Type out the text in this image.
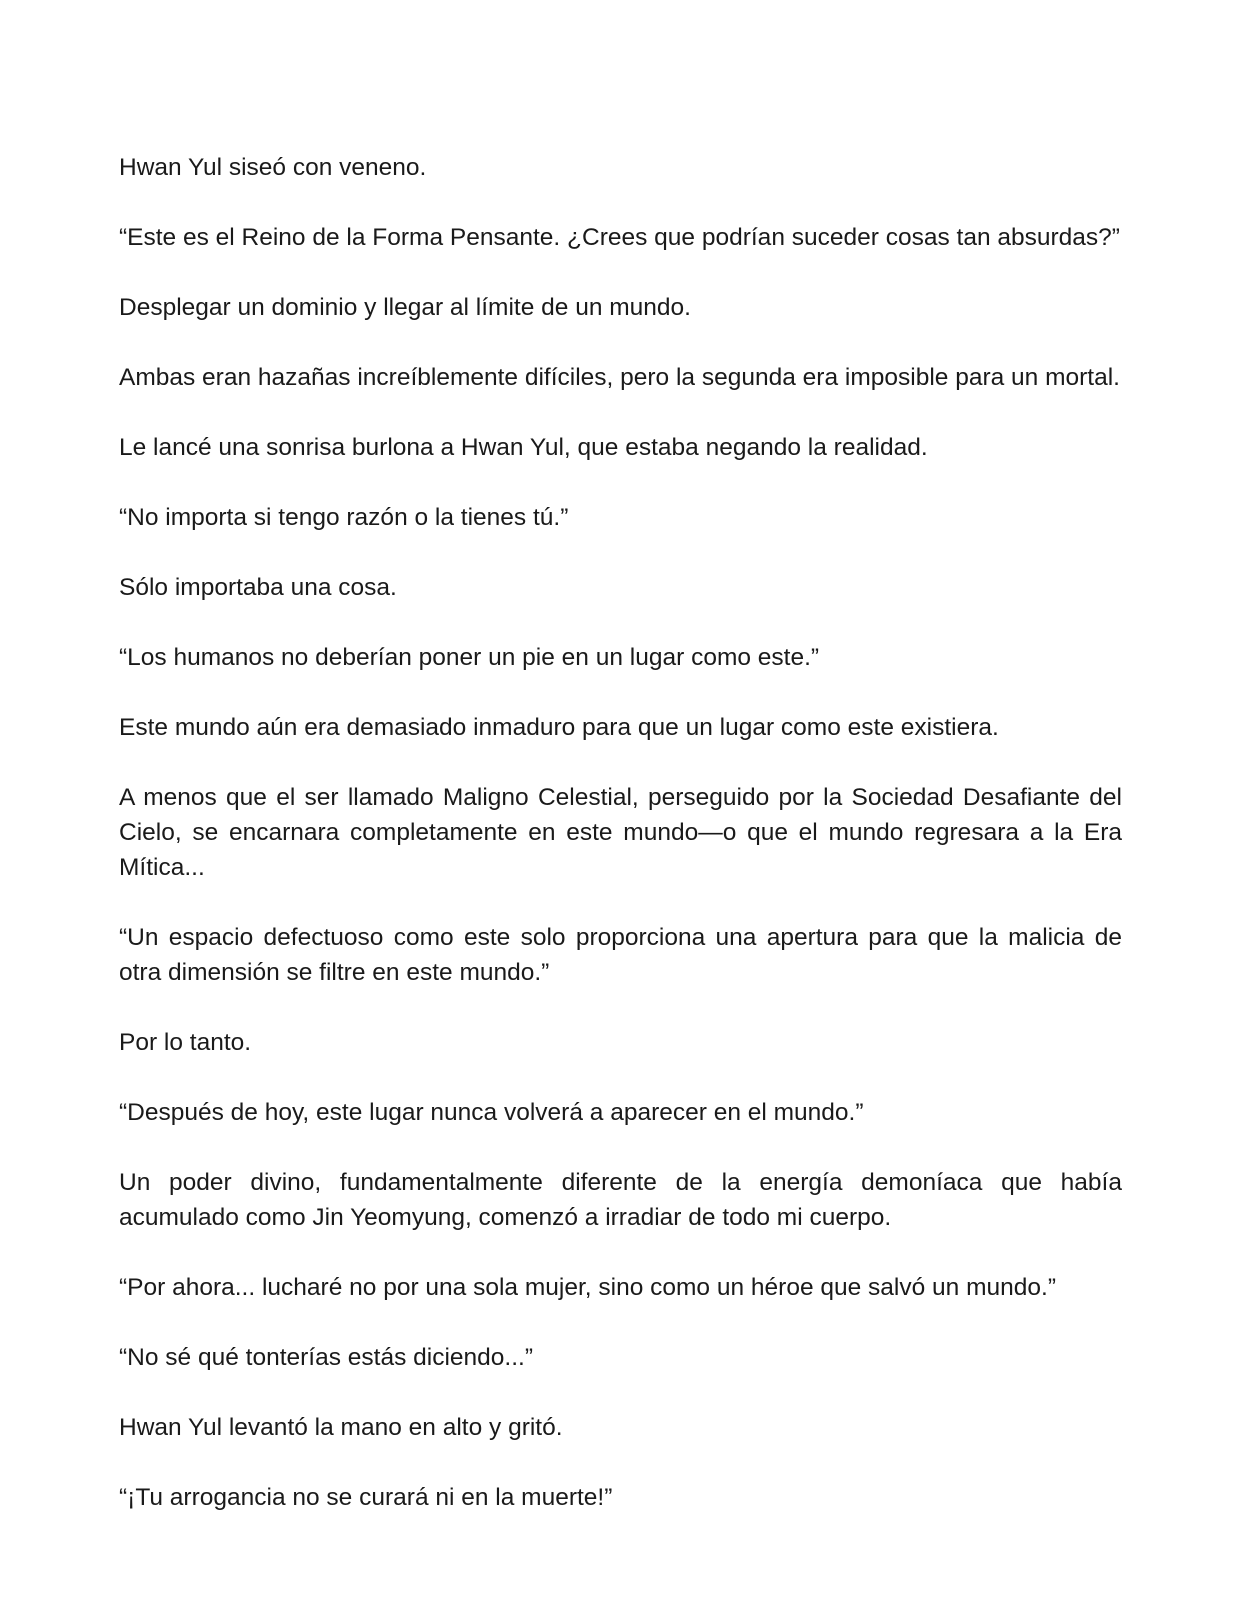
Hwan Yul siseó con veneno.

“Este es el Reino de la Forma Pensante. ¿Crees que podrían suceder cosas tan absurdas?”

Desplegar un dominio y llegar al límite de un mundo.

Ambas eran hazañas increíblemente difíciles, pero la segunda era imposible para un mortal.

Le lancé una sonrisa burlona a Hwan Yul, que estaba negando la realidad.

“No importa si tengo razón o la tienes tú.”

Sólo importaba una cosa.

“Los humanos no deberían poner un pie en un lugar como este.”

Este mundo aún era demasiado inmaduro para que un lugar como este existiera.

A menos que el ser llamado Maligno Celestial, perseguido por la Sociedad Desafiante del Cielo, se encarnara completamente en este mundo—o que el mundo regresara a la Era Mítica...

“Un espacio defectuoso como este solo proporciona una apertura para que la malicia de otra dimensión se filtre en este mundo.”

Por lo tanto.

“Después de hoy, este lugar nunca volverá a aparecer en el mundo.”

Un poder divino, fundamentalmente diferente de la energía demoníaca que había acumulado como Jin Yeomyung, comenzó a irradiar de todo mi cuerpo.

“Por ahora... lucharé no por una sola mujer, sino como un héroe que salvó un mundo.”

“No sé qué tonterías estás diciendo...”

Hwan Yul levantó la mano en alto y gritó.

“¡Tu arrogancia no se curará ni en la muerte!”
